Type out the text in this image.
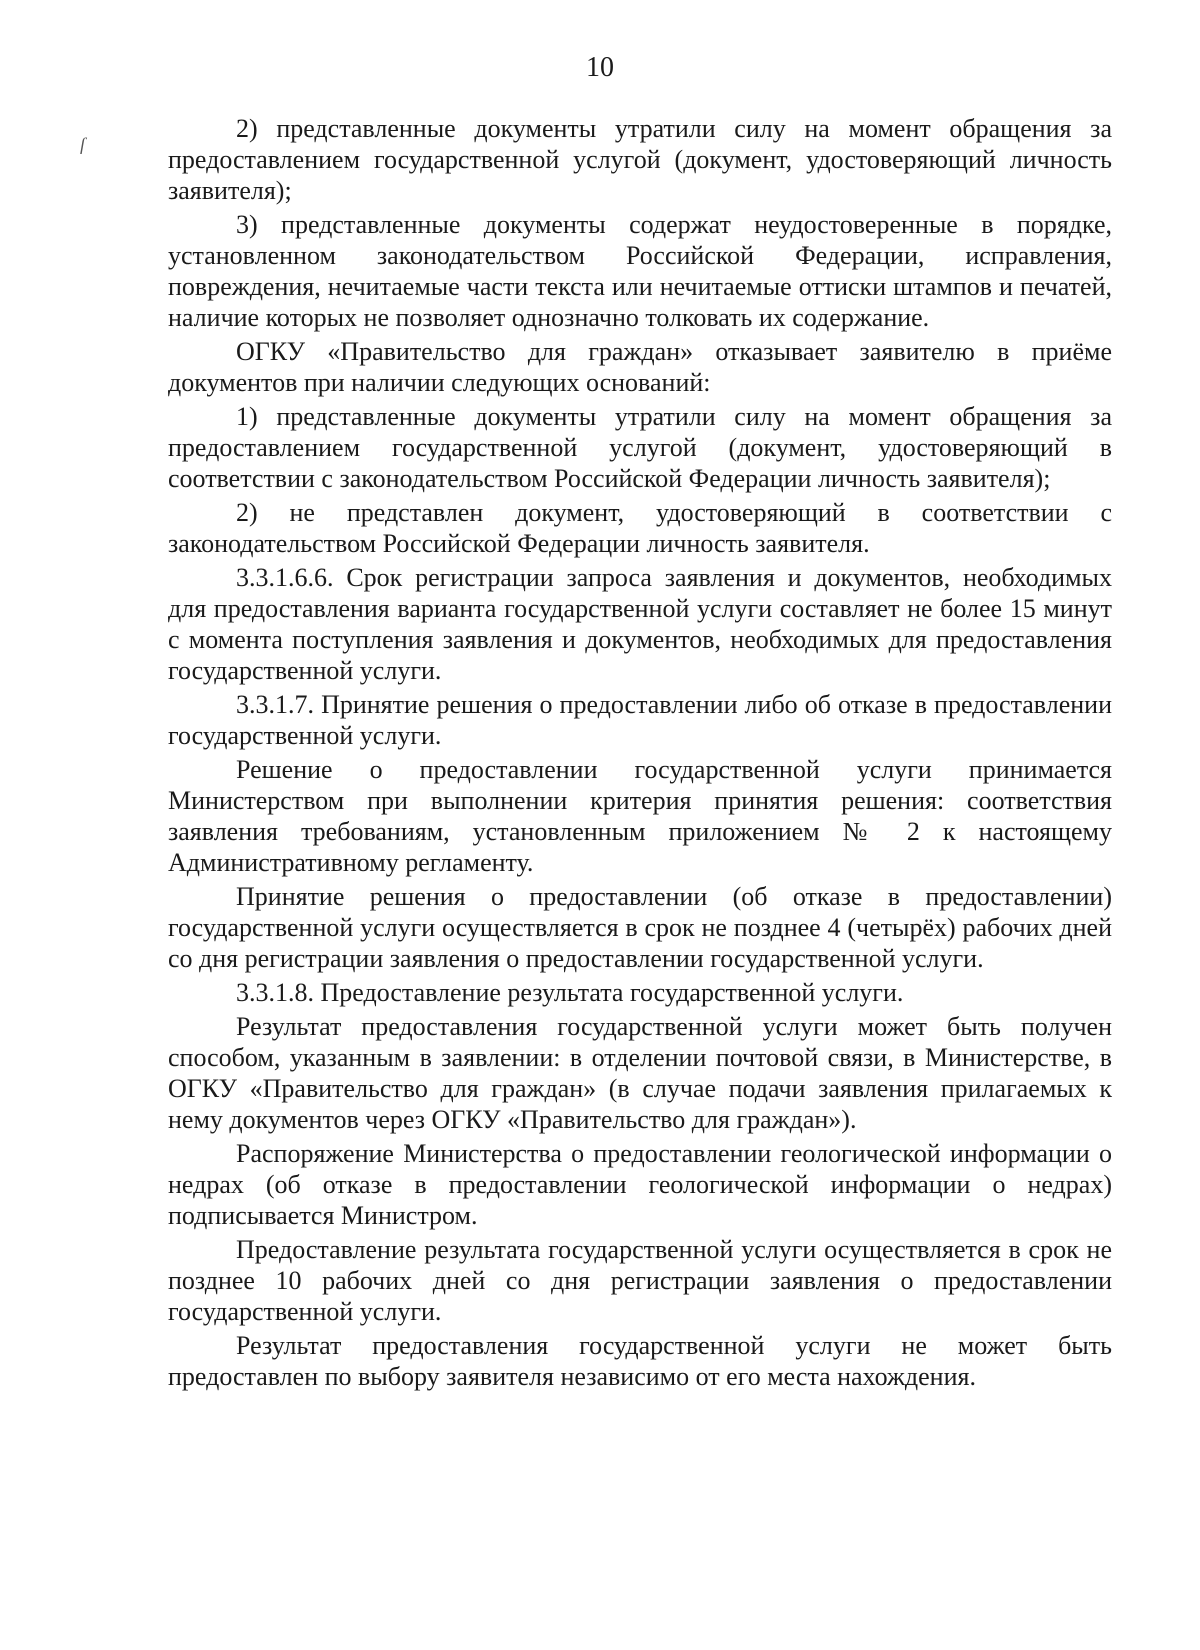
10
ſ

2) представленные документы утратили силу на момент обращения за предоставлением государственной услугой (документ, удостоверяющий личность заявителя);

3) представленные документы содержат неудостоверенные в порядке, установленном законодательством Российской Федерации, исправления, повреждения, нечитаемые части текста или нечитаемые оттиски штампов и печатей, наличие которых не позволяет однозначно толковать их содержание.

ОГКУ «Правительство для граждан» отказывает заявителю в приёме документов при наличии следующих оснований:

1) представленные документы утратили силу на момент обращения за предоставлением государственной услугой (документ, удостоверяющий в соответствии с законодательством Российской Федерации личность заявителя);

2) не представлен документ, удостоверяющий в соответствии с законодательством Российской Федерации личность заявителя.

3.3.1.6.6. Срок регистрации запроса заявления и документов, необходимых для предоставления варианта государственной услуги составляет не более 15 минут с момента поступления заявления и документов, необходимых для предоставления государственной услуги.

3.3.1.7. Принятие решения о предоставлении либо об отказе в предоставлении государственной услуги.

Решение о предоставлении государственной услуги принимается Министерством при выполнении критерия принятия решения: соответствия заявления требованиям, установленным приложением № 2 к настоящему Административному регламенту.

Принятие решения о предоставлении (об отказе в предоставлении) государственной услуги осуществляется в срок не позднее 4 (четырёх) рабочих дней со дня регистрации заявления о предоставлении государственной услуги.

3.3.1.8. Предоставление результата государственной услуги.

Результат предоставления государственной услуги может быть получен способом, указанным в заявлении: в отделении почтовой связи, в Министерстве, в ОГКУ «Правительство для граждан» (в случае подачи заявления прилагаемых к нему документов через ОГКУ «Правительство для граждан»).

Распоряжение Министерства о предоставлении геологической информации о недрах (об отказе в предоставлении геологической информации о недрах) подписывается Министром.

Предоставление результата государственной услуги осуществляется в срок не позднее 10 рабочих дней со дня регистрации заявления о предоставлении государственной услуги.

Результат предоставления государственной услуги не может быть предоставлен по выбору заявителя независимо от его места нахождения.
